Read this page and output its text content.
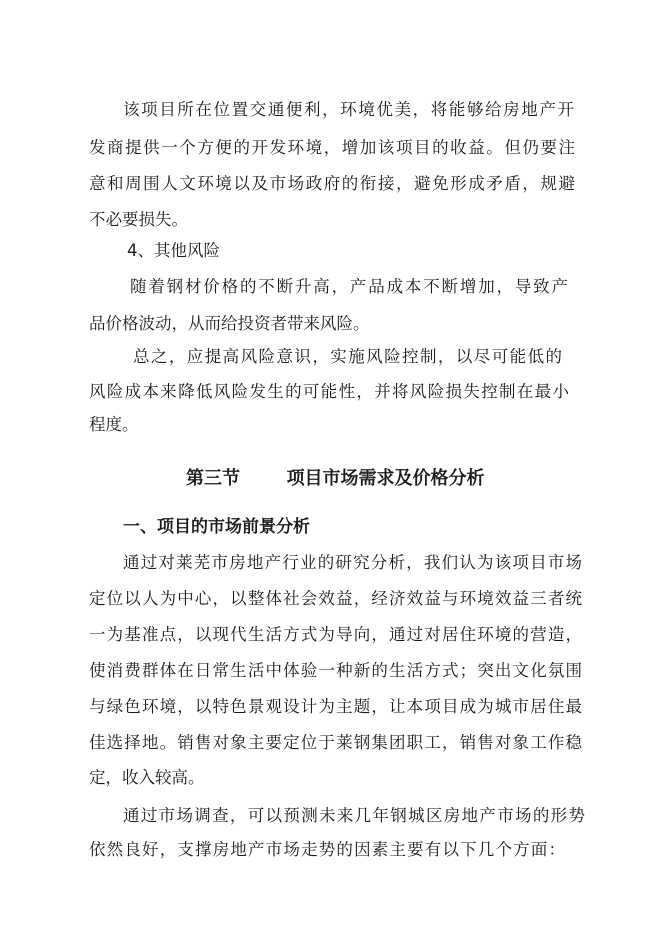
该项目所在位置交通便利，环境优美，将能够给房地产开
发商提供一个方便的开发环境，增加该项目的收益。但仍要注
意和周围人文环境以及市场政府的衔接，避免形成矛盾，规避
不必要损失。
4、其他风险
随着钢材价格的不断升高，产品成本不断增加，导致产
品价格波动，从而给投资者带来风险。
总之，应提高风险意识，实施风险控制，以尽可能低的
风险成本来降低风险发生的可能性，并将风险损失控制在最小
程度。
第三节	项目市场需求及价格分析
一、项目的市场前景分析
通过对莱芜市房地产行业的研究分析，我们认为该项目市场
定位以人为中心，以整体社会效益，经济效益与环境效益三者统
一为基准点，以现代生活方式为导向，通过对居住环境的营造，
使消费群体在日常生活中体验一种新的生活方式；突出文化氛围
与绿色环境，以特色景观设计为主题，让本项目成为城市居住最
佳选择地。销售对象主要定位于莱钢集团职工，销售对象工作稳
定，收入较高。
通过市场调查，可以预测未来几年钢城区房地产市场的形势
依然良好，支撑房地产市场走势的因素主要有以下几个方面：
